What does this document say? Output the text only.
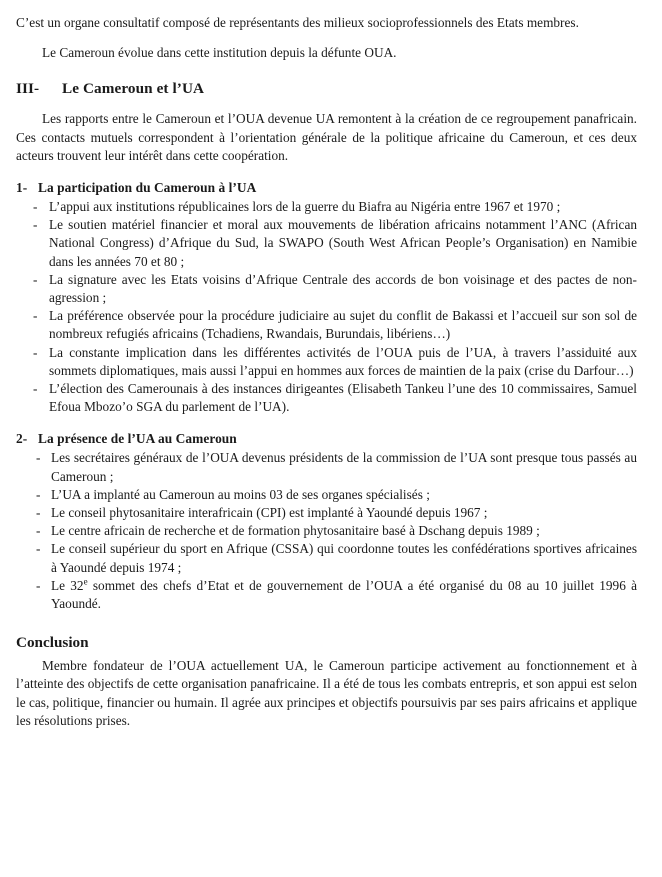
C’est un organe consultatif composé de représentants des milieux socioprofessionnels des Etats membres.

Le Cameroun évolue dans cette institution depuis la défunte OUA.

III- Le Cameroun et l’UA

Les rapports entre le Cameroun et l’OUA devenue UA remontent à la création de ce regroupement panafricain. Ces contacts mutuels correspondent à l’orientation générale de la politique africaine du Cameroun, et ces deux acteurs trouvent leur intérêt dans cette coopération.

1- La participation du Cameroun à l’UA
- L’appui aux institutions républicaines lors de la guerre du Biafra au Nigéria entre 1967 et 1970 ;
- Le soutien matériel financier et moral aux mouvements de libération africains notamment l’ANC (African National Congress) d’Afrique du Sud, la SWAPO (South West African People’s Organisation) en Namibie dans les années 70 et 80 ;
- La signature avec les Etats voisins d’Afrique Centrale des accords de bon voisinage et des pactes de non-agression ;
- La préférence observée pour la procédure judiciaire au sujet du conflit de Bakassi et l’accueil sur son sol de nombreux refugiés africains (Tchadiens, Rwandais, Burundais, libériens…)
- La constante implication dans les différentes activités de l’OUA puis de l’UA, à travers l’assiduité aux sommets diplomatiques, mais aussi l’appui en hommes aux forces de maintien de la paix (crise du Darfour…)
- L’élection des Camerounais à des instances dirigeantes (Elisabeth Tankeu l’une des 10 commissaires, Samuel Efoua Mbozo’o SGA du parlement de l’UA).
2- La présence de l’UA au Cameroun
- Les secrétaires généraux de l’OUA devenus présidents de la commission de l’UA sont presque tous passés au Cameroun ;
- L’UA a implanté au Cameroun au moins 03 de ses organes spécialisés ;
- Le conseil phytosanitaire interafricain (CPI) est implanté à Yaoundé depuis 1967 ;
- Le centre africain de recherche et de formation phytosanitaire basé à Dschang depuis 1989 ;
- Le conseil supérieur du sport en Afrique (CSSA) qui coordonne toutes les confédérations sportives africaines à Yaoundé depuis 1974 ;
- Le 32e sommet des chefs d’Etat et de gouvernement de l’OUA a été organisé du 08 au 10 juillet 1996 à Yaoundé.
Conclusion

Membre fondateur de l’OUA actuellement UA, le Cameroun participe activement au fonctionnement et à l’atteinte des objectifs de cette organisation panafricaine. Il a été de tous les combats entrepris, et son appui est selon le cas, politique, financier ou humain. Il agrée aux principes et objectifs poursuivis par ses pairs africains et applique les résolutions prises.
